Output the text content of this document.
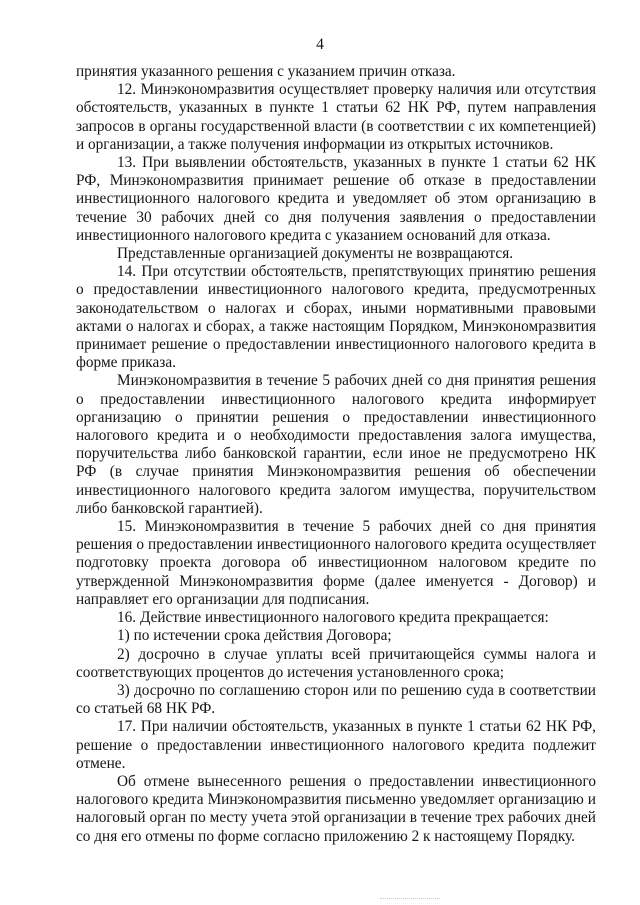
4

принятия указанного решения с указанием причин отказа.

12. Минэкономразвития осуществляет проверку наличия или отсутствия обстоятельств, указанных в пункте 1 статьи 62 НК РФ, путем направления запросов в органы государственной власти (в соответствии с их компетенцией) и организации, а также получения информации из открытых источников.

13. При выявлении обстоятельств, указанных в пункте 1 статьи 62 НК РФ, Минэкономразвития принимает решение об отказе в предоставлении инвестиционного налогового кредита и уведомляет об этом организацию в течение 30 рабочих дней со дня получения заявления о предоставлении инвестиционного налогового кредита с указанием оснований для отказа.

Представленные организацией документы не возвращаются.

14. При отсутствии обстоятельств, препятствующих принятию решения о предоставлении инвестиционного налогового кредита, предусмотренных законодательством о налогах и сборах, иными нормативными правовыми актами о налогах и сборах, а также настоящим Порядком, Минэкономразвития принимает решение о предоставлении инвестиционного налогового кредита в форме приказа.

Минэкономразвития в течение 5 рабочих дней со дня принятия решения о предоставлении инвестиционного налогового кредита информирует организацию о принятии решения о предоставлении инвестиционного налогового кредита и о необходимости предоставления залога имущества, поручительства либо банковской гарантии, если иное не предусмотрено НК РФ (в случае принятия Минэкономразвития решения об обеспечении инвестиционного налогового кредита залогом имущества, поручительством либо банковской гарантией).

15. Минэкономразвития в течение 5 рабочих дней со дня принятия решения о предоставлении инвестиционного налогового кредита осуществляет подготовку проекта договора об инвестиционном налоговом кредите по утвержденной Минэкономразвития форме (далее именуется - Договор) и направляет его организации для подписания.

16. Действие инвестиционного налогового кредита прекращается:

1) по истечении срока действия Договора;

2) досрочно в случае уплаты всей причитающейся суммы налога и соответствующих процентов до истечения установленного срока;

3) досрочно по соглашению сторон или по решению суда в соответствии со статьей 68 НК РФ.

17. При наличии обстоятельств, указанных в пункте 1 статьи 62 НК РФ, решение о предоставлении инвестиционного налогового кредита подлежит отмене.

Об отмене вынесенного решения о предоставлении инвестиционного налогового кредита Минэкономразвития письменно уведомляет организацию и налоговый орган по месту учета этой организации в течение трех рабочих дней со дня его отмены по форме согласно приложению 2 к настоящему Порядку.
